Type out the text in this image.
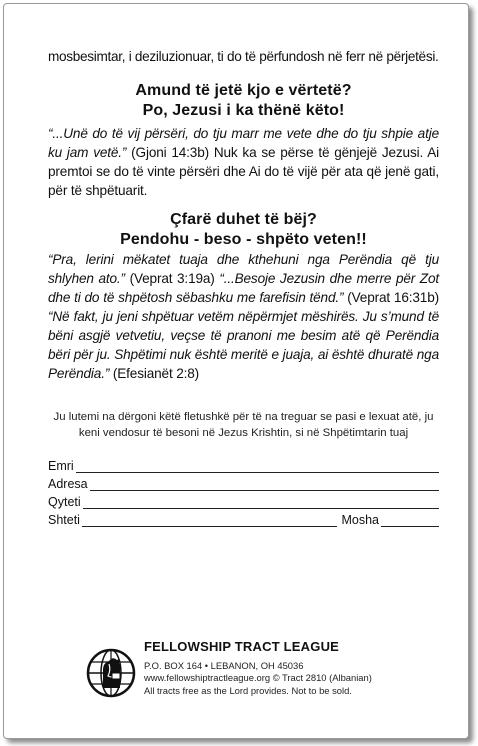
mosbesimtar, i deziluzionuar, ti do të përfundosh në ferr në përjetësi.

Amund të jetë kjo e vërtetë?
Po, Jezusi i ka thënë këto!

“...Unë do të vij përsëri, do tju marr me vete dhe do tju shpie atje ku jam vetë.” (Gjoni 14:3b) Nuk ka se përse të gënjejë Jezusi. Ai premtoi se do të vinte përsëri dhe Ai do të vijë për ata që jenë gati, për të shpëtuarit.

Çfarë duhet të bëj?
Pendohu - beso - shpëto veten!!

“Pra, lerini mëkatet tuaja dhe kthehuni nga Perëndia që tju shlyhen ato.” (Veprat 3:19a) “...Besoje Jezusin dhe merre për Zot dhe ti do të shpëtosh sëbashku me farefisin tënd.” (Veprat 16:31b) “Në fakt, ju jeni shpëtuar vetëm nëpërmjet mëshirës. Ju s’mund të bëni asgjë vetvetiu, veçse të pranoni me besim atë që Perëndia bëri për ju. Shpëtimi nuk është meritë e juaja, ai është dhuratë nga Perëndia.” (Efesianët 2:8)

Ju lutemi na dërgoni këtë fletushkë për të na treguar se pasi e lexuat atë, ju keni vendosur të besoni në Jezus Krishtin, si në Shpëtimtarin tuaj

Emri
Adresa
Qyteti
Shteti	Mosha
FELLOWSHIP TRACT LEAGUE
P.O. BOX 164 • LEBANON, OH 45036
www.fellowshiptractleague.org © Tract 2810 (Albanian)
All tracts free as the Lord provides. Not to be sold.
